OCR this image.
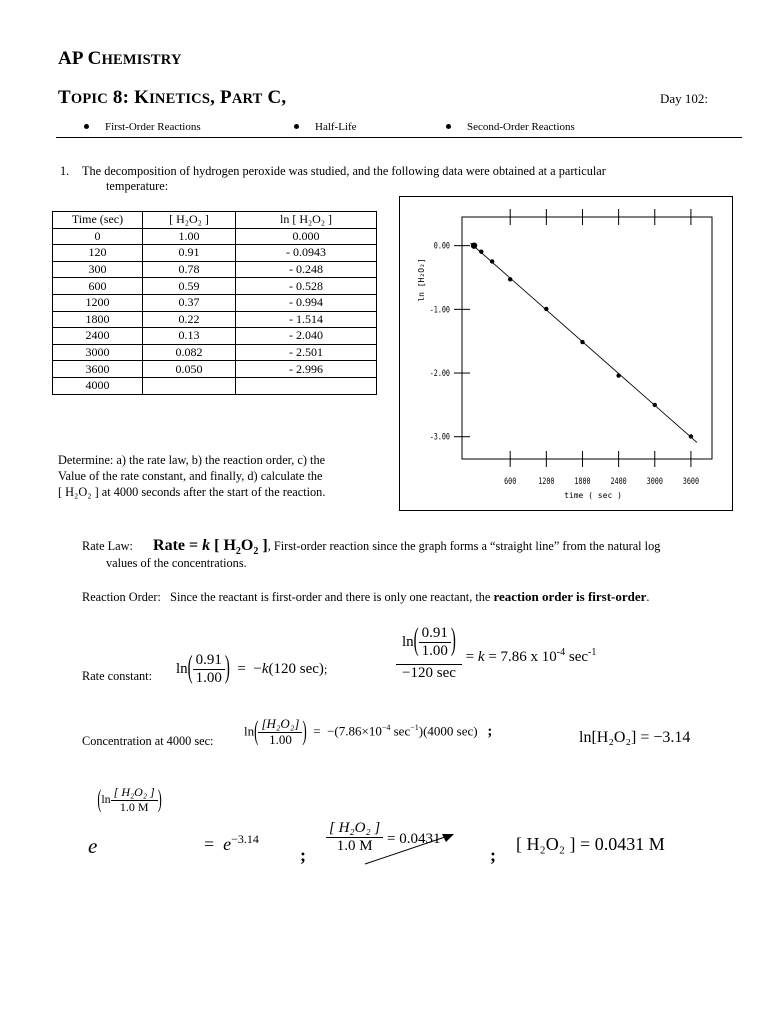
AP CHEMISTRY
TOPIC 8: KINETICS, PART C,	Day 102:
First-Order Reactions	Half-Life	Second-Order Reactions
1. The decomposition of hydrogen peroxide was studied, and the following data were obtained at a particular
temperature:
Time (sec)	[ H₂O₂ ]	ln [ H₂O₂ ]
0	1.00	0.000
120	0.91	- 0.0943
300	0.78	- 0.248
600	0.59	- 0.528
1200	0.37	- 0.994
1800	0.22	- 1.514
2400	0.13	- 2.040
3000	0.082	- 2.501
3600	0.050	- 2.996
4000		
600 1200 1800 2400 3000 3600
0.00
-1.00
-2.00
-3.00
time ( sec )
ln [H₂O₂]
Determine: a) the rate law, b) the reaction order, c) the
Value of the rate constant, and finally, d) calculate the
[ H₂O₂ ] at 4000 seconds after the start of the reaction.
Rate Law: Rate = k [ $H_2O_2$ ], First-order reaction since the graph forms a “straight line” from the natural log
values of the concentrations.
Reaction Order: Since the reactant is first-order and there is only one reactant, the reaction order is first-order.
Rate constant: $\ln( \frac{0.91}{1.00}$ ) = −k(120 sec);	$\frac{\ln( \frac{0.91}{1.00} )}{-120 \sec} = k = 7.86$ x $10^{-4}$ $\sec^{-1}$
Concentration at 4000 sec:
$\ln( \frac{\text{[H₂O₂]}}{1.00}$ ) = $-(7.86\times 10^{-4}$ $\sec^{-1})(4000$ sec) ;	ln[H₂O₂] = −3.14
$e(\ln \frac{\text{[ H₂O₂ ]}}{1.0 M}$ )
= $e^{-3.14}$
; $\frac{\text{[ H₂O₂ ]}}{1.0 M} = 0.0431$
;
[ H₂O₂ ] = 0.0431 M
